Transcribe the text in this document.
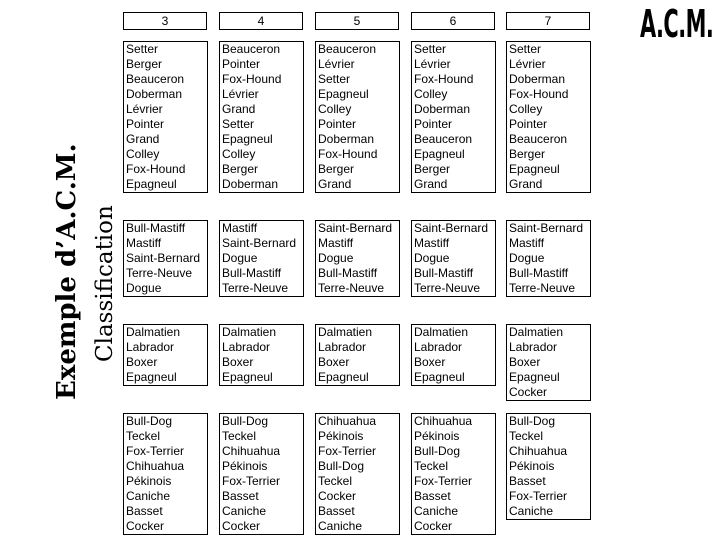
Exemple d’A.C.M. Classification
A.C.M.
3
Setter
Berger
Beauceron
Doberman
Lévrier
Pointer
Grand
Colley
Fox-Hound
Epagneul
Bull-Mastiff
Mastiff
Saint-Bernard
Terre-Neuve
Dogue
Dalmatien
Labrador
Boxer
Epagneul
Bull-Dog
Teckel
Fox-Terrier
Chihuahua
Pékinois
Caniche
Basset
Cocker
4
Beauceron
Pointer
Fox-Hound
Lévrier
Grand
Setter
Epagneul
Colley
Berger
Doberman
Mastiff
Saint-Bernard
Dogue
Bull-Mastiff
Terre-Neuve
Dalmatien
Labrador
Boxer
Epagneul
Bull-Dog
Teckel
Chihuahua
Pékinois
Fox-Terrier
Basset
Caniche
Cocker
5
Beauceron
Lévrier
Setter
Epagneul
Colley
Pointer
Doberman
Fox-Hound
Berger
Grand
Saint-Bernard
Mastiff
Dogue
Bull-Mastiff
Terre-Neuve
Dalmatien
Labrador
Boxer
Epagneul
Chihuahua
Pékinois
Fox-Terrier
Bull-Dog
Teckel
Cocker
Basset
Caniche
6
Setter
Lévrier
Fox-Hound
Colley
Doberman
Pointer
Beauceron
Epagneul
Berger
Grand
Saint-Bernard
Mastiff
Dogue
Bull-Mastiff
Terre-Neuve
Dalmatien
Labrador
Boxer
Epagneul
Chihuahua
Pékinois
Bull-Dog
Teckel
Fox-Terrier
Basset
Caniche
Cocker
7
Setter
Lévrier
Doberman
Fox-Hound
Colley
Pointer
Beauceron
Berger
Epagneul
Grand
Saint-Bernard
Mastiff
Dogue
Bull-Mastiff
Terre-Neuve
Dalmatien
Labrador
Boxer
Epagneul
Cocker
Bull-Dog
Teckel
Chihuahua
Pékinois
Basset
Fox-Terrier
Caniche
